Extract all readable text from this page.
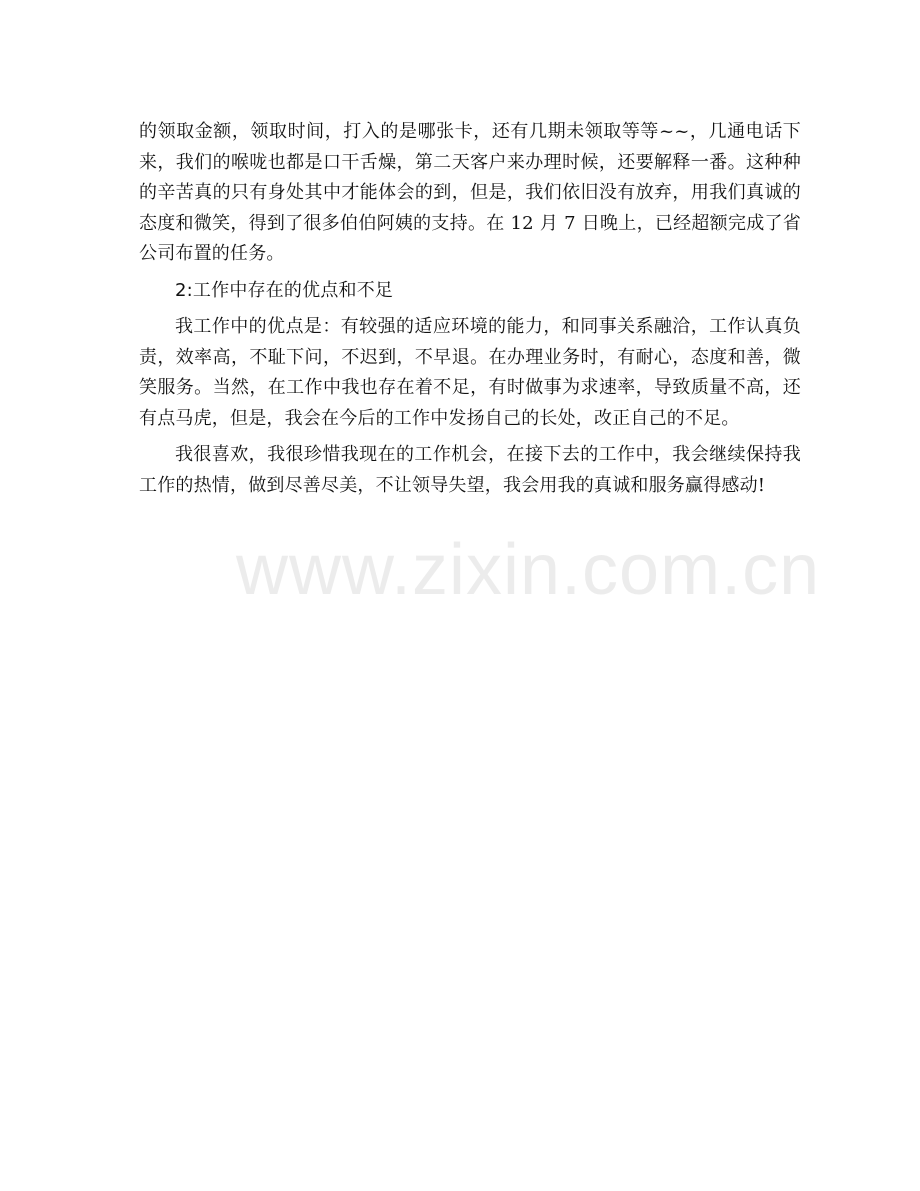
的领取金额，领取时间，打入的是哪张卡，还有几期未领取等等~~，几通电话下来，我们的喉咙也都是口干舌燥，第二天客户来办理时候，还要解释一番。这种种的辛苦真的只有身处其中才能体会的到，但是，我们依旧没有放弃，用我们真诚的态度和微笑，得到了很多伯伯阿姨的支持。在 12 月 7 日晚上，已经超额完成了省公司布置的任务。

2:工作中存在的优点和不足

我工作中的优点是：有较强的适应环境的能力，和同事关系融洽，工作认真负责，效率高，不耻下问，不迟到，不早退。在办理业务时，有耐心，态度和善，微笑服务。当然，在工作中我也存在着不足，有时做事为求速率，导致质量不高，还有点马虎，但是，我会在今后的工作中发扬自己的长处，改正自己的不足。

我很喜欢，我很珍惜我现在的工作机会，在接下去的工作中，我会继续保持我工作的热情，做到尽善尽美，不让领导失望，我会用我的真诚和服务赢得感动!

www.zixin.com.cn
